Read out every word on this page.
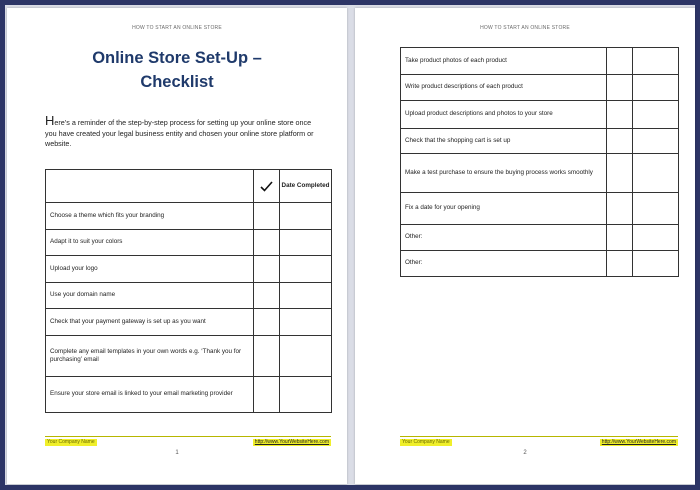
HOW TO START AN ONLINE STORE
Online Store Set-Up –
Checklist
Here’s a reminder of the step-by-step process for setting up your online store once you have created your legal business entity and chosen your online store platform or website.

	Date Completed
Choose a theme which fits your branding		
Adapt it to suit your colors		
Upload your logo		
Use your domain name		
Check that your payment gateway is set up as you want		
Complete any email templates in your own words e.g. ‘Thank you for purchasing’ email		
Ensure your store email is linked to your email marketing provider		
Your Company Name	http://www.YourWebsiteHere.com
1
HOW TO START AN ONLINE STORE
Take product photos of each product		
Write product descriptions of each product		
Upload product descriptions and photos to your store		
Check that the shopping cart is set up		
Make a test purchase to ensure the buying process works smoothly		
Fix a date for your opening		
Other:		
Other:		
Your Company Name	http://www.YourWebsiteHere.com
2
